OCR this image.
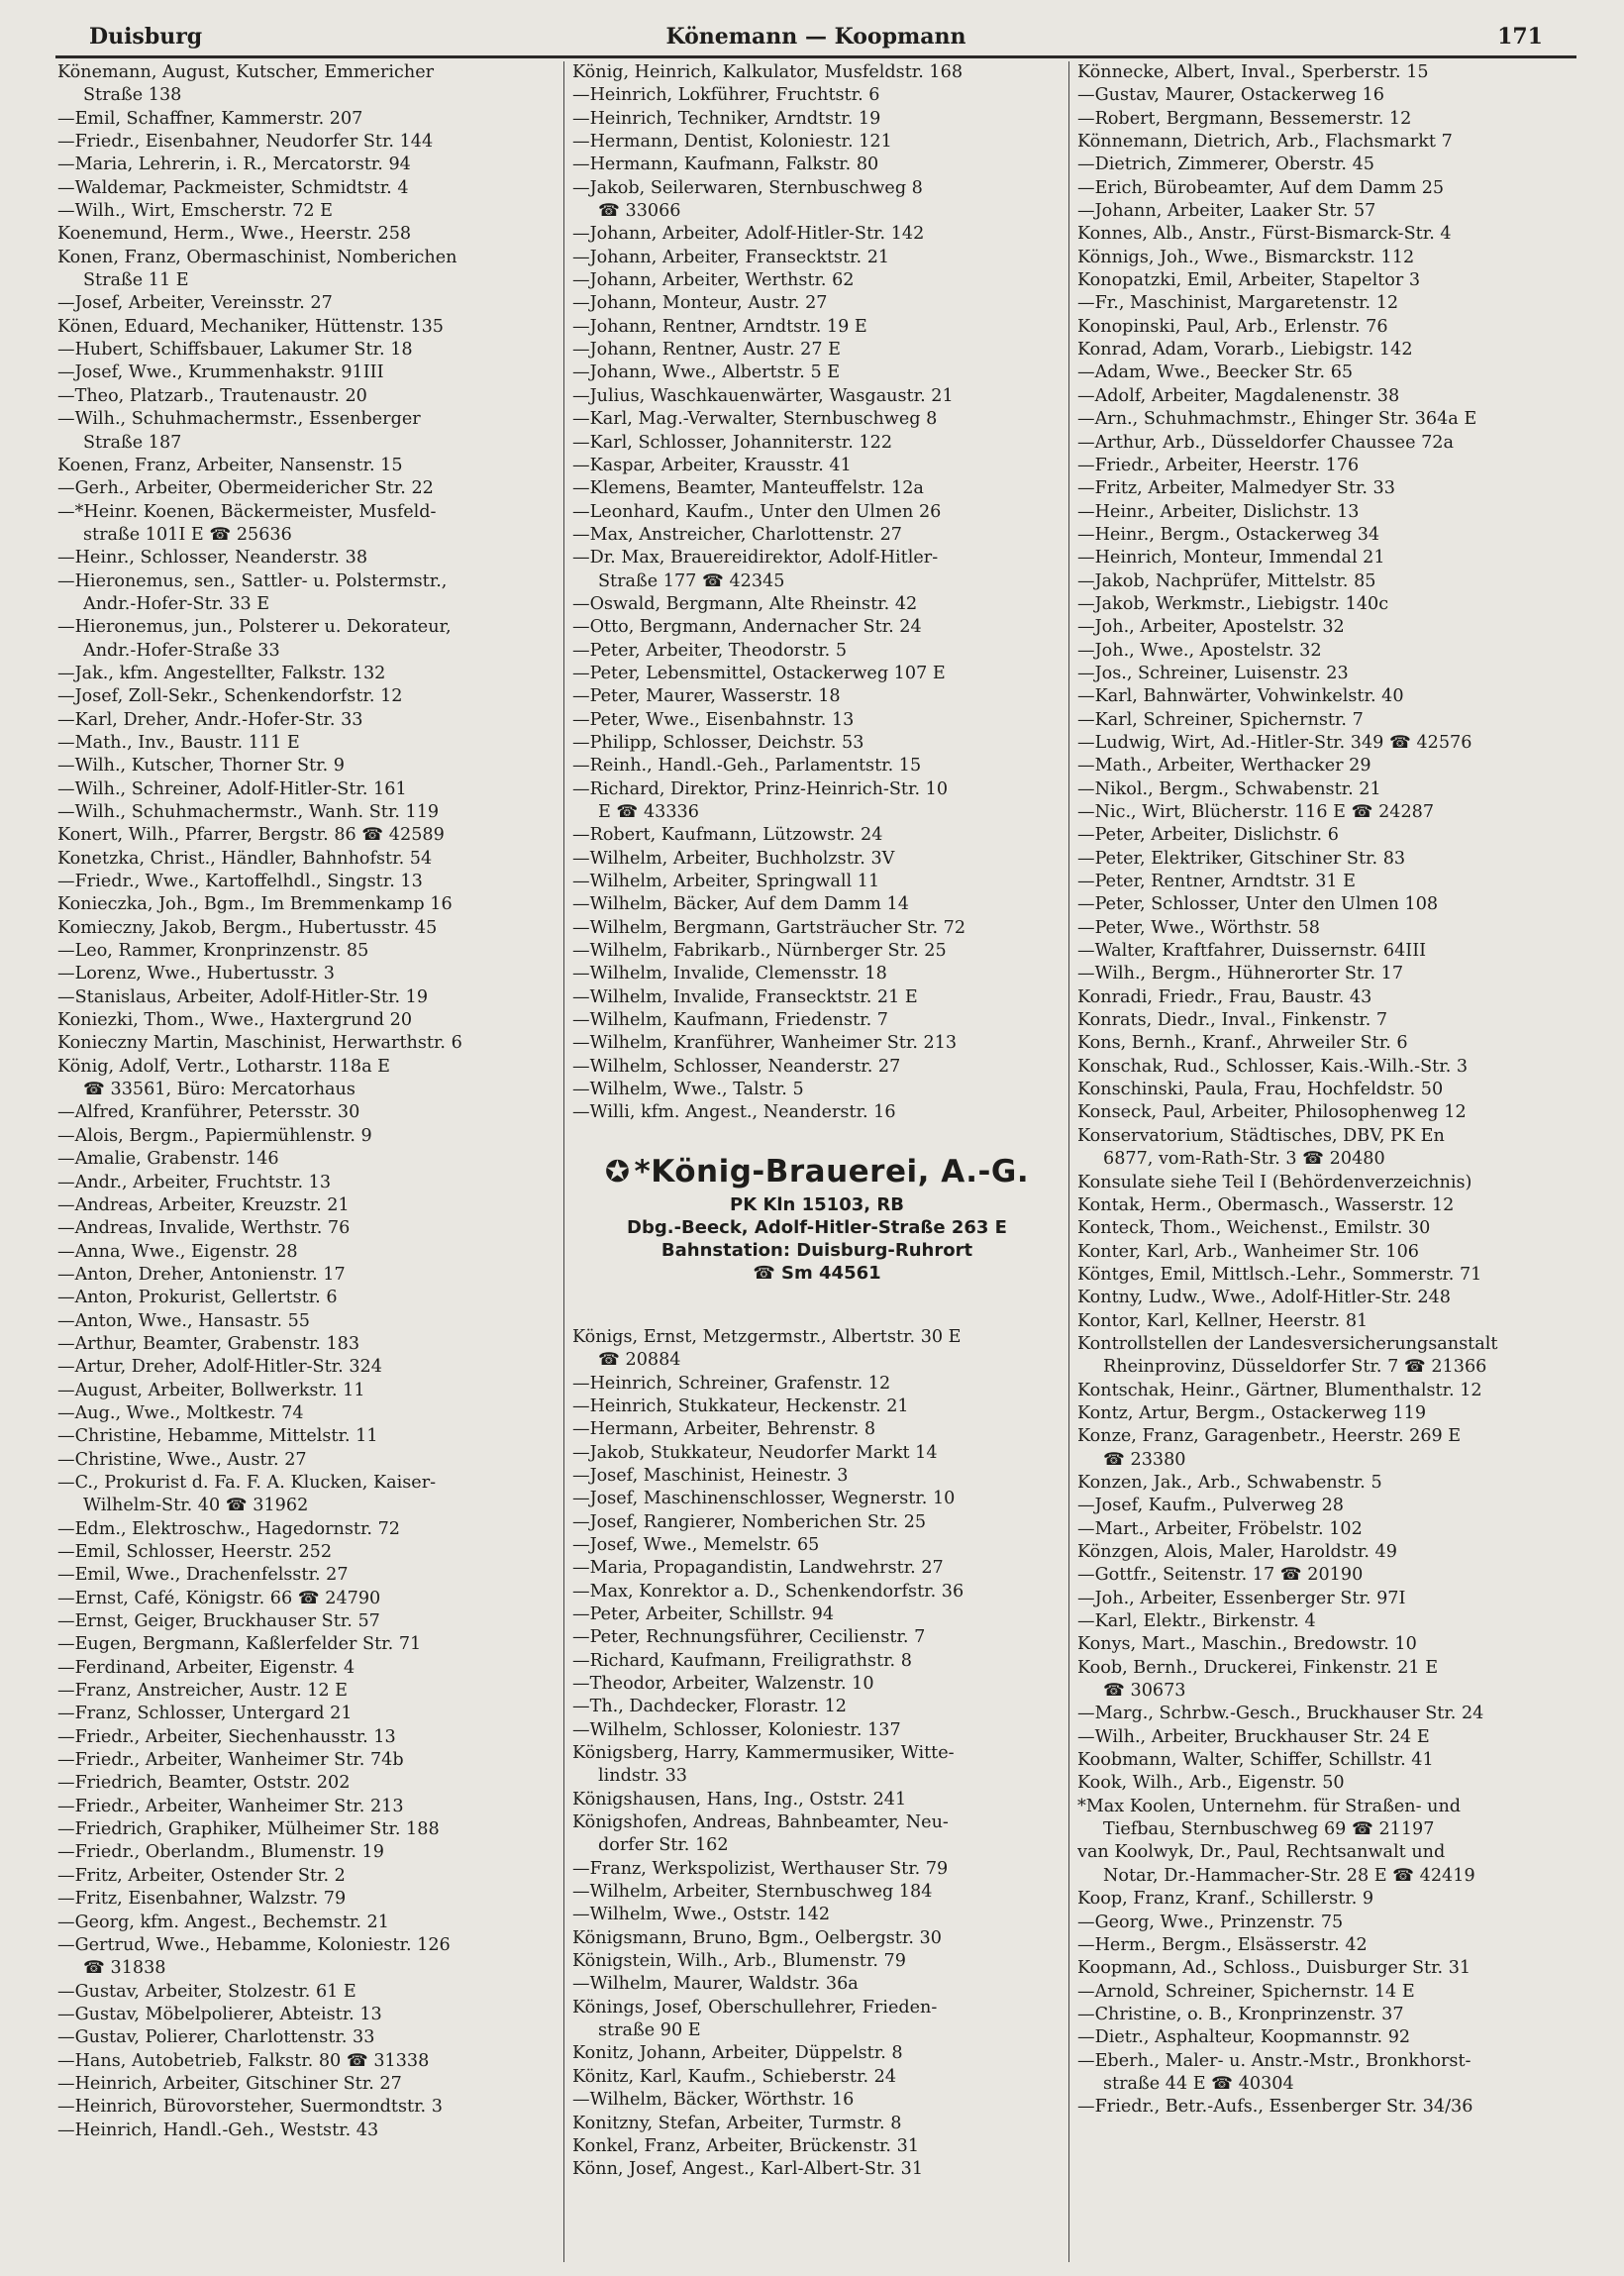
Duisburg	Könemann — Koopmann	171
Könemann, August, Kutscher, Emmericher
Straße 138
—Emil, Schaffner, Kammerstr. 207
—Friedr., Eisenbahner, Neudorfer Str. 144
—Maria, Lehrerin, i. R., Mercatorstr. 94
—Waldemar, Packmeister, Schmidtstr. 4
—Wilh., Wirt, Emscherstr. 72 E
Koenemund, Herm., Wwe., Heerstr. 258
Konen, Franz, Obermaschinist, Nomberichen
Straße 11 E
—Josef, Arbeiter, Vereinsstr. 27
Könen, Eduard, Mechaniker, Hüttenstr. 135
—Hubert, Schiffsbauer, Lakumer Str. 18
—Josef, Wwe., Krummenhakstr. 91III
—Theo, Platzarb., Trautenaustr. 20
—Wilh., Schuhmachermstr., Essenberger
Straße 187
Koenen, Franz, Arbeiter, Nansenstr. 15
—Gerh., Arbeiter, Obermeidericher Str. 22
—*Heinr. Koenen, Bäckermeister, Musfeld-
straße 101I E ☎ 25636
—Heinr., Schlosser, Neanderstr. 38
—Hieronemus, sen., Sattler- u. Polstermstr.,
Andr.-Hofer-Str. 33 E
—Hieronemus, jun., Polsterer u. Dekorateur,
Andr.-Hofer-Straße 33
—Jak., kfm. Angestellter, Falkstr. 132
—Josef, Zoll-Sekr., Schenkendorfstr. 12
—Karl, Dreher, Andr.-Hofer-Str. 33
—Math., Inv., Baustr. 111 E
—Wilh., Kutscher, Thorner Str. 9
—Wilh., Schreiner, Adolf-Hitler-Str. 161
—Wilh., Schuhmachermstr., Wanh. Str. 119
Konert, Wilh., Pfarrer, Bergstr. 86 ☎ 42589
Konetzka, Christ., Händler, Bahnhofstr. 54
—Friedr., Wwe., Kartoffelhdl., Singstr. 13
Konieczka, Joh., Bgm., Im Bremmenkamp 16
Komieczny, Jakob, Bergm., Hubertusstr. 45
—Leo, Rammer, Kronprinzenstr. 85
—Lorenz, Wwe., Hubertusstr. 3
—Stanislaus, Arbeiter, Adolf-Hitler-Str. 19
Koniezki, Thom., Wwe., Haxtergrund 20
Konieczny Martin, Maschinist, Herwarthstr. 6
König, Adolf, Vertr., Lotharstr. 118a E
☎ 33561, Büro: Mercatorhaus
—Alfred, Kranführer, Petersstr. 30
—Alois, Bergm., Papiermühlenstr. 9
—Amalie, Grabenstr. 146
—Andr., Arbeiter, Fruchtstr. 13
—Andreas, Arbeiter, Kreuzstr. 21
—Andreas, Invalide, Werthstr. 76
—Anna, Wwe., Eigenstr. 28
—Anton, Dreher, Antonienstr. 17
—Anton, Prokurist, Gellertstr. 6
—Anton, Wwe., Hansastr. 55
—Arthur, Beamter, Grabenstr. 183
—Artur, Dreher, Adolf-Hitler-Str. 324
—August, Arbeiter, Bollwerkstr. 11
—Aug., Wwe., Moltkestr. 74
—Christine, Hebamme, Mittelstr. 11
—Christine, Wwe., Austr. 27
—C., Prokurist d. Fa. F. A. Klucken, Kaiser-
Wilhelm-Str. 40 ☎ 31962
—Edm., Elektroschw., Hagedornstr. 72
—Emil, Schlosser, Heerstr. 252
—Emil, Wwe., Drachenfelsstr. 27
—Ernst, Café, Königstr. 66 ☎ 24790
—Ernst, Geiger, Bruckhauser Str. 57
—Eugen, Bergmann, Kaßlerfelder Str. 71
—Ferdinand, Arbeiter, Eigenstr. 4
—Franz, Anstreicher, Austr. 12 E
—Franz, Schlosser, Untergard 21
—Friedr., Arbeiter, Siechenhausstr. 13
—Friedr., Arbeiter, Wanheimer Str. 74b
—Friedrich, Beamter, Oststr. 202
—Friedr., Arbeiter, Wanheimer Str. 213
—Friedrich, Graphiker, Mülheimer Str. 188
—Friedr., Oberlandm., Blumenstr. 19
—Fritz, Arbeiter, Ostender Str. 2
—Fritz, Eisenbahner, Walzstr. 79
—Georg, kfm. Angest., Bechemstr. 21
—Gertrud, Wwe., Hebamme, Koloniestr. 126
☎ 31838
—Gustav, Arbeiter, Stolzestr. 61 E
—Gustav, Möbelpolierer, Abteistr. 13
—Gustav, Polierer, Charlottenstr. 33
—Hans, Autobetrieb, Falkstr. 80 ☎ 31338
—Heinrich, Arbeiter, Gitschiner Str. 27
—Heinrich, Bürovorsteher, Suermondtstr. 3
—Heinrich, Handl.-Geh., Weststr. 43
König, Heinrich, Kalkulator, Musfeldstr. 168
—Heinrich, Lokführer, Fruchtstr. 6
—Heinrich, Techniker, Arndtstr. 19
—Hermann, Dentist, Koloniestr. 121
—Hermann, Kaufmann, Falkstr. 80
—Jakob, Seilerwaren, Sternbuschweg 8
☎ 33066
—Johann, Arbeiter, Adolf-Hitler-Str. 142
—Johann, Arbeiter, Fransecktstr. 21
—Johann, Arbeiter, Werthstr. 62
—Johann, Monteur, Austr. 27
—Johann, Rentner, Arndtstr. 19 E
—Johann, Rentner, Austr. 27 E
—Johann, Wwe., Albertstr. 5 E
—Julius, Waschkauenwärter, Wasgaustr. 21
—Karl, Mag.-Verwalter, Sternbuschweg 8
—Karl, Schlosser, Johanniterstr. 122
—Kaspar, Arbeiter, Krausstr. 41
—Klemens, Beamter, Manteuffelstr. 12a
—Leonhard, Kaufm., Unter den Ulmen 26
—Max, Anstreicher, Charlottenstr. 27
—Dr. Max, Brauereidirektor, Adolf-Hitler-
Straße 177 ☎ 42345
—Oswald, Bergmann, Alte Rheinstr. 42
—Otto, Bergmann, Andernacher Str. 24
—Peter, Arbeiter, Theodorstr. 5
—Peter, Lebensmittel, Ostackerweg 107 E
—Peter, Maurer, Wasserstr. 18
—Peter, Wwe., Eisenbahnstr. 13
—Philipp, Schlosser, Deichstr. 53
—Reinh., Handl.-Geh., Parlamentstr. 15
—Richard, Direktor, Prinz-Heinrich-Str. 10
E ☎ 43336
—Robert, Kaufmann, Lützowstr. 24
—Wilhelm, Arbeiter, Buchholzstr. 3V
—Wilhelm, Arbeiter, Springwall 11
—Wilhelm, Bäcker, Auf dem Damm 14
—Wilhelm, Bergmann, Gartsträucher Str. 72
—Wilhelm, Fabrikarb., Nürnberger Str. 25
—Wilhelm, Invalide, Clemensstr. 18
—Wilhelm, Invalide, Fransecktstr. 21 E
—Wilhelm, Kaufmann, Friedenstr. 7
—Wilhelm, Kranführer, Wanheimer Str. 213
—Wilhelm, Schlosser, Neanderstr. 27
—Wilhelm, Wwe., Talstr. 5
—Willi, kfm. Angest., Neanderstr. 16
✪ *König-Brauerei, A.-G.
PK Kln 15103, RB
Dbg.-Beeck, Adolf-Hitler-Straße 263 E
Bahnstation: Duisburg-Ruhrort
☎ Sm 44561
Königs, Ernst, Metzgermstr., Albertstr. 30 E
☎ 20884
—Heinrich, Schreiner, Grafenstr. 12
—Heinrich, Stukkateur, Heckenstr. 21
—Hermann, Arbeiter, Behrenstr. 8
—Jakob, Stukkateur, Neudorfer Markt 14
—Josef, Maschinist, Heinestr. 3
—Josef, Maschinenschlosser, Wegnerstr. 10
—Josef, Rangierer, Nomberichen Str. 25
—Josef, Wwe., Memelstr. 65
—Maria, Propagandistin, Landwehrstr. 27
—Max, Konrektor a. D., Schenkendorfstr. 36
—Peter, Arbeiter, Schillstr. 94
—Peter, Rechnungsführer, Cecilienstr. 7
—Richard, Kaufmann, Freiligrathstr. 8
—Theodor, Arbeiter, Walzenstr. 10
—Th., Dachdecker, Florastr. 12
—Wilhelm, Schlosser, Koloniestr. 137
Königsberg, Harry, Kammermusiker, Witte-
lindstr. 33
Königshausen, Hans, Ing., Oststr. 241
Königshofen, Andreas, Bahnbeamter, Neu-
dorfer Str. 162
—Franz, Werkspolizist, Werthauser Str. 79
—Wilhelm, Arbeiter, Sternbuschweg 184
—Wilhelm, Wwe., Oststr. 142
Königsmann, Bruno, Bgm., Oelbergstr. 30
Königstein, Wilh., Arb., Blumenstr. 79
—Wilhelm, Maurer, Waldstr. 36a
Könings, Josef, Oberschullehrer, Frieden-
straße 90 E
Konitz, Johann, Arbeiter, Düppelstr. 8
Könitz, Karl, Kaufm., Schieberstr. 24
—Wilhelm, Bäcker, Wörthstr. 16
Konitzny, Stefan, Arbeiter, Turmstr. 8
Konkel, Franz, Arbeiter, Brückenstr. 31
Könn, Josef, Angest., Karl-Albert-Str. 31
Könnecke, Albert, Inval., Sperberstr. 15
—Gustav, Maurer, Ostackerweg 16
—Robert, Bergmann, Bessemerstr. 12
Könnemann, Dietrich, Arb., Flachsmarkt 7
—Dietrich, Zimmerer, Oberstr. 45
—Erich, Bürobeamter, Auf dem Damm 25
—Johann, Arbeiter, Laaker Str. 57
Konnes, Alb., Anstr., Fürst-Bismarck-Str. 4
Könnigs, Joh., Wwe., Bismarckstr. 112
Konopatzki, Emil, Arbeiter, Stapeltor 3
—Fr., Maschinist, Margaretenstr. 12
Konopinski, Paul, Arb., Erlenstr. 76
Konrad, Adam, Vorarb., Liebigstr. 142
—Adam, Wwe., Beecker Str. 65
—Adolf, Arbeiter, Magdalenenstr. 38
—Arn., Schuhmachmstr., Ehinger Str. 364a E
—Arthur, Arb., Düsseldorfer Chaussee 72a
—Friedr., Arbeiter, Heerstr. 176
—Fritz, Arbeiter, Malmedyer Str. 33
—Heinr., Arbeiter, Dislichstr. 13
—Heinr., Bergm., Ostackerweg 34
—Heinrich, Monteur, Immendal 21
—Jakob, Nachprüfer, Mittelstr. 85
—Jakob, Werkmstr., Liebigstr. 140c
—Joh., Arbeiter, Apostelstr. 32
—Joh., Wwe., Apostelstr. 32
—Jos., Schreiner, Luisenstr. 23
—Karl, Bahnwärter, Vohwinkelstr. 40
—Karl, Schreiner, Spichernstr. 7
—Ludwig, Wirt, Ad.-Hitler-Str. 349 ☎ 42576
—Math., Arbeiter, Werthacker 29
—Nikol., Bergm., Schwabenstr. 21
—Nic., Wirt, Blücherstr. 116 E ☎ 24287
—Peter, Arbeiter, Dislichstr. 6
—Peter, Elektriker, Gitschiner Str. 83
—Peter, Rentner, Arndtstr. 31 E
—Peter, Schlosser, Unter den Ulmen 108
—Peter, Wwe., Wörthstr. 58
—Walter, Kraftfahrer, Duissernstr. 64III
—Wilh., Bergm., Hühnerorter Str. 17
Konradi, Friedr., Frau, Baustr. 43
Konrats, Diedr., Inval., Finkenstr. 7
Kons, Bernh., Kranf., Ahrweiler Str. 6
Konschak, Rud., Schlosser, Kais.-Wilh.-Str. 3
Konschinski, Paula, Frau, Hochfeldstr. 50
Konseck, Paul, Arbeiter, Philosophenweg 12
Konservatorium, Städtisches, DBV, PK En
6877, vom-Rath-Str. 3 ☎ 20480
Konsulate siehe Teil I (Behördenverzeichnis)
Kontak, Herm., Obermasch., Wasserstr. 12
Konteck, Thom., Weichenst., Emilstr. 30
Konter, Karl, Arb., Wanheimer Str. 106
Köntges, Emil, Mittlsch.-Lehr., Sommerstr. 71
Kontny, Ludw., Wwe., Adolf-Hitler-Str. 248
Kontor, Karl, Kellner, Heerstr. 81
Kontrollstellen der Landesversicherungsanstalt
Rheinprovinz, Düsseldorfer Str. 7 ☎ 21366
Kontschak, Heinr., Gärtner, Blumenthalstr. 12
Kontz, Artur, Bergm., Ostackerweg 119
Konze, Franz, Garagenbetr., Heerstr. 269 E
☎ 23380
Konzen, Jak., Arb., Schwabenstr. 5
—Josef, Kaufm., Pulverweg 28
—Mart., Arbeiter, Fröbelstr. 102
Könzgen, Alois, Maler, Haroldstr. 49
—Gottfr., Seitenstr. 17 ☎ 20190
—Joh., Arbeiter, Essenberger Str. 97I
—Karl, Elektr., Birkenstr. 4
Konys, Mart., Maschin., Bredowstr. 10
Koob, Bernh., Druckerei, Finkenstr. 21 E
☎ 30673
—Marg., Schrbw.-Gesch., Bruckhauser Str. 24
—Wilh., Arbeiter, Bruckhauser Str. 24 E
Koobmann, Walter, Schiffer, Schillstr. 41
Kook, Wilh., Arb., Eigenstr. 50
*Max Koolen, Unternehm. für Straßen- und
Tiefbau, Sternbuschweg 69 ☎ 21197
van Koolwyk, Dr., Paul, Rechtsanwalt und
Notar, Dr.-Hammacher-Str. 28 E ☎ 42419
Koop, Franz, Kranf., Schillerstr. 9
—Georg, Wwe., Prinzenstr. 75
—Herm., Bergm., Elsässerstr. 42
Koopmann, Ad., Schloss., Duisburger Str. 31
—Arnold, Schreiner, Spichernstr. 14 E
—Christine, o. B., Kronprinzenstr. 37
—Dietr., Asphalteur, Koopmannstr. 92
—Eberh., Maler- u. Anstr.-Mstr., Bronkhorst-
straße 44 E ☎ 40304
—Friedr., Betr.-Aufs., Essenberger Str. 34/36
